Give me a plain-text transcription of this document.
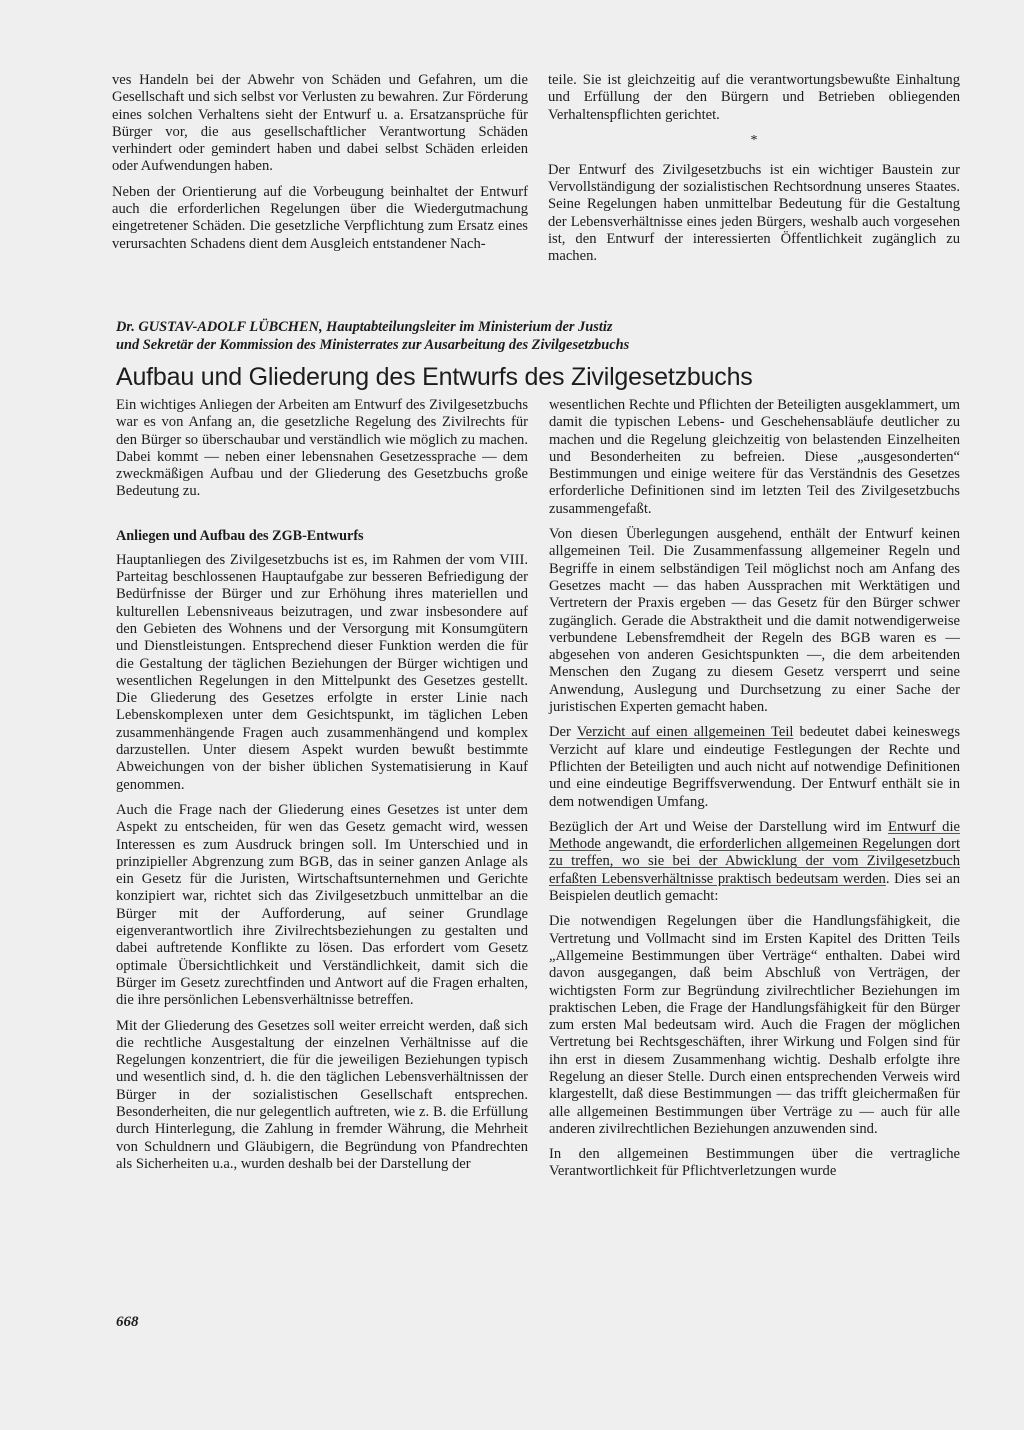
ves Handeln bei der Abwehr von Schäden und Gefahren, um die Gesellschaft und sich selbst vor Verlusten zu bewahren. Zur Förderung eines solchen Verhaltens sieht der Entwurf u. a. Ersatzansprüche für Bürger vor, die aus gesellschaftlicher Verantwortung Schäden verhindert oder gemindert haben und dabei selbst Schäden erleiden oder Aufwendungen haben.

Neben der Orientierung auf die Vorbeugung beinhaltet der Entwurf auch die erforderlichen Regelungen über die Wiedergutmachung eingetretener Schäden. Die gesetzliche Verpflichtung zum Ersatz eines verursachten Schadens dient dem Ausgleich entstandener Nach-

teile. Sie ist gleichzeitig auf die verantwortungsbewußte Einhaltung und Erfüllung der den Bürgern und Betrieben obliegenden Verhaltenspflichten gerichtet.

*

Der Entwurf des Zivilgesetzbuchs ist ein wichtiger Baustein zur Vervollständigung der sozialistischen Rechtsordnung unseres Staates. Seine Regelungen haben unmittelbar Bedeutung für die Gestaltung der Lebensverhältnisse eines jeden Bürgers, weshalb auch vorgesehen ist, den Entwurf der interessierten Öffentlichkeit zugänglich zu machen.

Dr. GUSTAV-ADOLF LÜBCHEN, Hauptabteilungsleiter im Ministerium der Justiz
und Sekretär der Kommission des Ministerrates zur Ausarbeitung des Zivilgesetzbuchs
Aufbau und Gliederung des Entwurfs des Zivilgesetzbuchs

Ein wichtiges Anliegen der Arbeiten am Entwurf des Zivilgesetzbuchs war es von Anfang an, die gesetzliche Regelung des Zivilrechts für den Bürger so überschaubar und verständlich wie möglich zu machen. Dabei kommt — neben einer lebensnahen Gesetzessprache — dem zweckmäßigen Aufbau und der Gliederung des Gesetzbuchs große Bedeutung zu.

Anliegen und Aufbau des ZGB-Entwurfs

Hauptanliegen des Zivilgesetzbuchs ist es, im Rahmen der vom VIII. Parteitag beschlossenen Hauptaufgabe zur besseren Befriedigung der Bedürfnisse der Bürger und zur Erhöhung ihres materiellen und kulturellen Lebensniveaus beizutragen, und zwar insbesondere auf den Gebieten des Wohnens und der Versorgung mit Konsumgütern und Dienstleistungen. Entsprechend dieser Funktion werden die für die Gestaltung der täglichen Beziehungen der Bürger wichtigen und wesentlichen Regelungen in den Mittelpunkt des Gesetzes gestellt. Die Gliederung des Gesetzes erfolgte in erster Linie nach Lebenskomplexen unter dem Gesichtspunkt, im täglichen Leben zusammenhängende Fragen auch zusammenhängend und komplex darzustellen. Unter diesem Aspekt wurden bewußt bestimmte Abweichungen von der bisher üblichen Systematisierung in Kauf genommen.

Auch die Frage nach der Gliederung eines Gesetzes ist unter dem Aspekt zu entscheiden, für wen das Gesetz gemacht wird, wessen Interessen es zum Ausdruck bringen soll. Im Unterschied und in prinzipieller Abgrenzung zum BGB, das in seiner ganzen Anlage als ein Gesetz für die Juristen, Wirtschaftsunternehmen und Gerichte konzipiert war, richtet sich das Zivilgesetzbuch unmittelbar an die Bürger mit der Aufforderung, auf seiner Grundlage eigenverantwortlich ihre Zivilrechtsbeziehungen zu gestalten und dabei auftretende Konflikte zu lösen. Das erfordert vom Gesetz optimale Übersichtlichkeit und Verständlichkeit, damit sich die Bürger im Gesetz zurechtfinden und Antwort auf die Fragen erhalten, die ihre persönlichen Lebensverhältnisse betreffen.

Mit der Gliederung des Gesetzes soll weiter erreicht werden, daß sich die rechtliche Ausgestaltung der einzelnen Verhältnisse auf die Regelungen konzentriert, die für die jeweiligen Beziehungen typisch und wesentlich sind, d. h. die den täglichen Lebensverhältnissen der Bürger in der sozialistischen Gesellschaft entsprechen. Besonderheiten, die nur gelegentlich auftreten, wie z. B. die Erfüllung durch Hinterlegung, die Zahlung in fremder Währung, die Mehrheit von Schuldnern und Gläubigern, die Begründung von Pfandrechten als Sicherheiten u.a., wurden deshalb bei der Darstellung der

wesentlichen Rechte und Pflichten der Beteiligten ausgeklammert, um damit die typischen Lebens- und Geschehensabläufe deutlicher zu machen und die Regelung gleichzeitig von belastenden Einzelheiten und Besonderheiten zu befreien. Diese „ausgesonderten“ Bestimmungen und einige weitere für das Verständnis des Gesetzes erforderliche Definitionen sind im letzten Teil des Zivilgesetzbuchs zusammengefaßt.

Von diesen Überlegungen ausgehend, enthält der Entwurf keinen allgemeinen Teil. Die Zusammenfassung allgemeiner Regeln und Begriffe in einem selbständigen Teil möglichst noch am Anfang des Gesetzes macht — das haben Aussprachen mit Werktätigen und Vertretern der Praxis ergeben — das Gesetz für den Bürger schwer zugänglich. Gerade die Abstraktheit und die damit notwendigerweise verbundene Lebensfremdheit der Regeln des BGB waren es — abgesehen von anderen Gesichtspunkten —, die dem arbeitenden Menschen den Zugang zu diesem Gesetz versperrt und seine Anwendung, Auslegung und Durchsetzung zu einer Sache der juristischen Experten gemacht haben.

Der Verzicht auf einen allgemeinen Teil bedeutet dabei keineswegs Verzicht auf klare und eindeutige Festlegungen der Rechte und Pflichten der Beteiligten und auch nicht auf notwendige Definitionen und eine eindeutige Begriffsverwendung. Der Entwurf enthält sie in dem notwendigen Umfang.

Bezüglich der Art und Weise der Darstellung wird im Entwurf die Methode angewandt, die erforderlichen allgemeinen Regelungen dort zu treffen, wo sie bei der Abwicklung der vom Zivilgesetzbuch erfaßten Lebensverhältnisse praktisch bedeutsam werden. Dies sei an Beispielen deutlich gemacht:

Die notwendigen Regelungen über die Handlungsfähigkeit, die Vertretung und Vollmacht sind im Ersten Kapitel des Dritten Teils „Allgemeine Bestimmungen über Verträge“ enthalten. Dabei wird davon ausgegangen, daß beim Abschluß von Verträgen, der wichtigsten Form zur Begründung zivilrechtlicher Beziehungen im praktischen Leben, die Frage der Handlungsfähigkeit für den Bürger zum ersten Mal bedeutsam wird. Auch die Fragen der möglichen Vertretung bei Rechtsgeschäften, ihrer Wirkung und Folgen sind für ihn erst in diesem Zusammenhang wichtig. Deshalb erfolgte ihre Regelung an dieser Stelle. Durch einen entsprechenden Verweis wird klargestellt, daß diese Bestimmungen — das trifft gleichermaßen für alle allgemeinen Bestimmungen über Verträge zu — auch für alle anderen zivilrechtlichen Beziehungen anzuwenden sind.

In den allgemeinen Bestimmungen über die vertragliche Verantwortlichkeit für Pflichtverletzungen wurde

668
